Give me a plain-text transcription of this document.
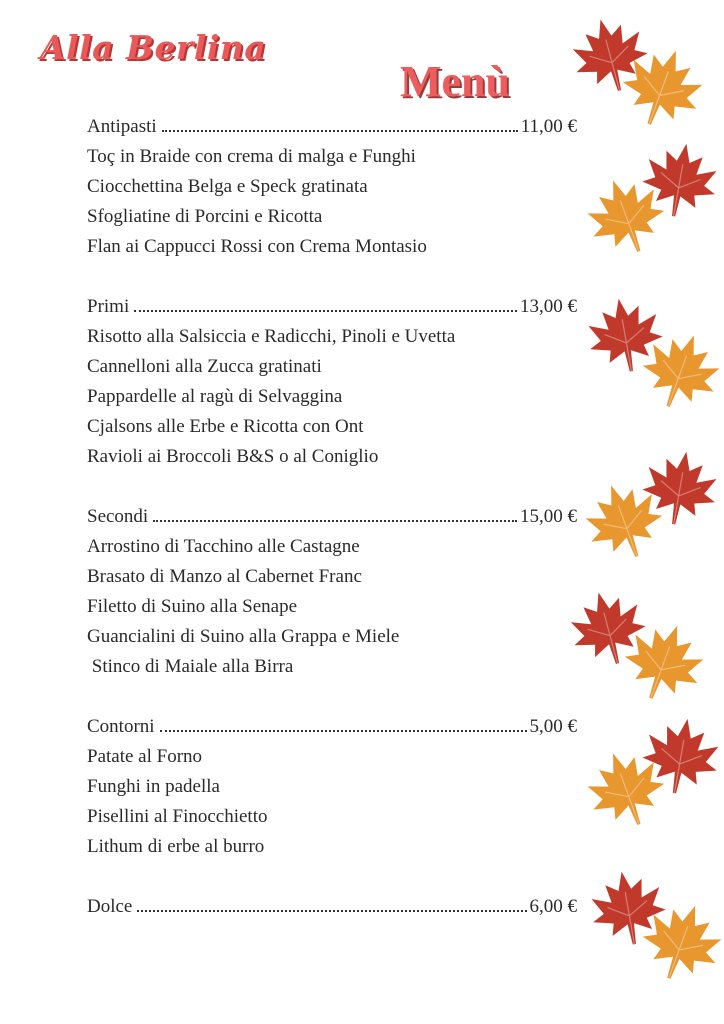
Alla Berlina
Menù
Antipasti	11,00 €
Toç in Braide con crema di malga e Funghi
Ciocchettina Belga e Speck gratinata
Sfogliatine di Porcini e Ricotta
Flan ai Cappucci Rossi con Crema Montasio
Primi	13,00 €
Risotto alla Salsiccia e Radicchi, Pinoli e Uvetta
Cannelloni alla Zucca gratinati
Pappardelle al ragù di Selvaggina
Cjalsons alle Erbe e Ricotta con Ont
Ravioli ai Broccoli B&S o al Coniglio
Secondi	15,00 €
Arrostino di Tacchino alle Castagne
Brasato di Manzo al Cabernet Franc
Filetto di Suino alla Senape
Guancialini di Suino alla Grappa e Miele
Stinco di Maiale alla Birra
Contorni	5,00 €
Patate al Forno
Funghi in padella
Pisellini al Finocchietto
Lithum di erbe al burro
Dolce	6,00 €
